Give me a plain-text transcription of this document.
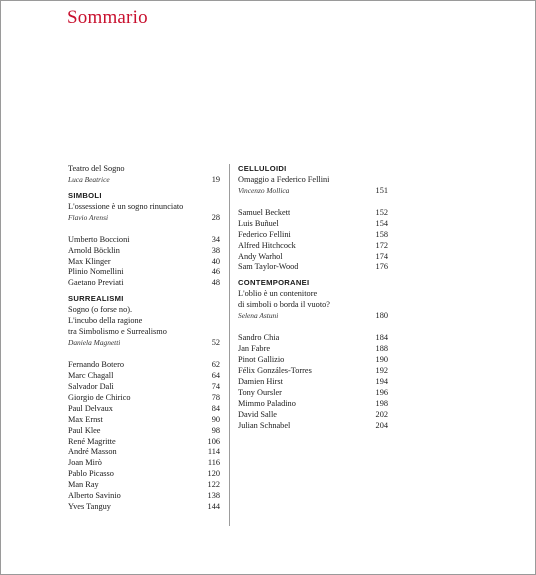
Sommario
Teatro del Sogno
Luca Beatrice	19
SIMBOLI
L'ossessione è un sogno rinunciato
Flavio Arensi	28
Umberto Boccioni	34
Arnold Böcklin	38
Max Klinger	40
Plinio Nomellini	46
Gaetano Previati	48
SURREALISMI
Sogno (o forse no).
L'incubo della ragione
tra Simbolismo e Surrealismo
Daniela Magnetti	52
Fernando Botero	62
Marc Chagall	64
Salvador Dalì	74
Giorgio de Chirico	78
Paul Delvaux	84
Max Ernst	90
Paul Klee	98
René Magritte	106
André Masson	114
Joan Mirò	116
Pablo Picasso	120
Man Ray	122
Alberto Savinio	138
Yves Tanguy	144
CELLULOIDI
Omaggio a Federico Fellini
Vincenzo Mollica	151
Samuel Beckett	152
Luis Buñuel	154
Federico Fellini	158
Alfred Hitchcock	172
Andy Warhol	174
Sam Taylor-Wood	176
CONTEMPORANEI
L'oblio è un contenitore
di simboli o borda il vuoto?
Selena Astuni	180
Sandro Chia	184
Jan Fabre	188
Pinot Gallizio	190
Félix Gonzáles-Torres	192
Damien Hirst	194
Tony Oursler	196
Mimmo Paladino	198
David Salle	202
Julian Schnabel	204
